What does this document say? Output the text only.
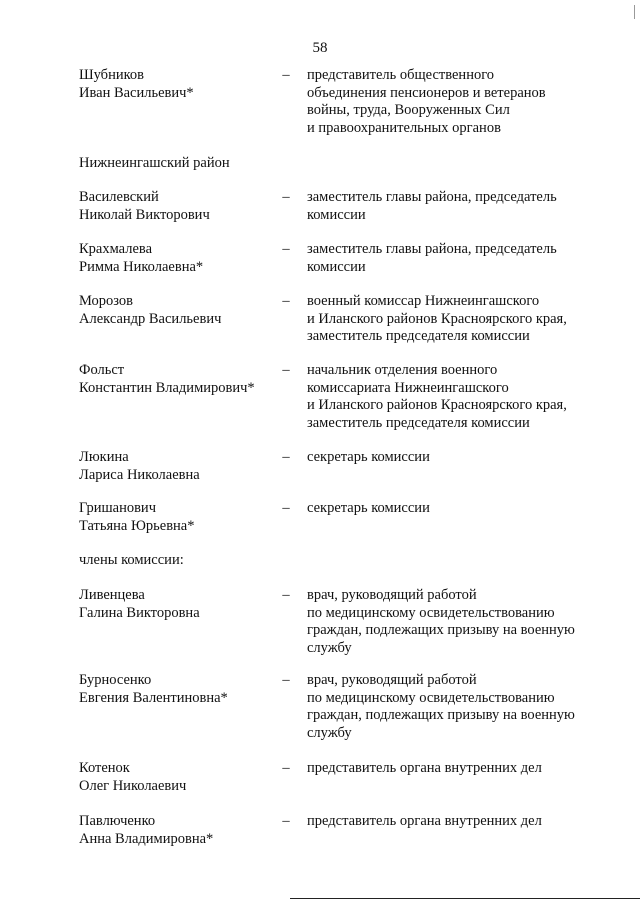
58
Шубников
Иван Васильевич*
– представитель общественного
объединения пенсионеров и ветеранов
войны, труда, Вооруженных Сил
и правоохранительных органов
Нижнеингашский район
Василевский
Николай Викторович
– заместитель главы района, председатель
комиссии
Крахмалева
Римма Николаевна*
– заместитель главы района, председатель
комиссии
Морозов
Александр Васильевич
– военный комиссар Нижнеингашского
и Иланского районов Красноярского края,
заместитель председателя комиссии
Фольст
Константин Владимирович*
– начальник отделения военного
комиссариата Нижнеингашского
и Иланского районов Красноярского края,
заместитель председателя комиссии
Люкина
Лариса Николаевна
– секретарь комиссии
Гришанович
Татьяна Юрьевна*
– секретарь комиссии
члены комиссии:
Ливенцева
Галина Викторовна
– врач, руководящий работой
по медицинскому освидетельствованию
граждан, подлежащих призыву на военную
службу
Бурносенко
Евгения Валентиновна*
– врач, руководящий работой
по медицинскому освидетельствованию
граждан, подлежащих призыву на военную
службу
Котенок
Олег Николаевич
– представитель органа внутренних дел
Павлюченко
Анна Владимировна*
– представитель органа внутренних дел
